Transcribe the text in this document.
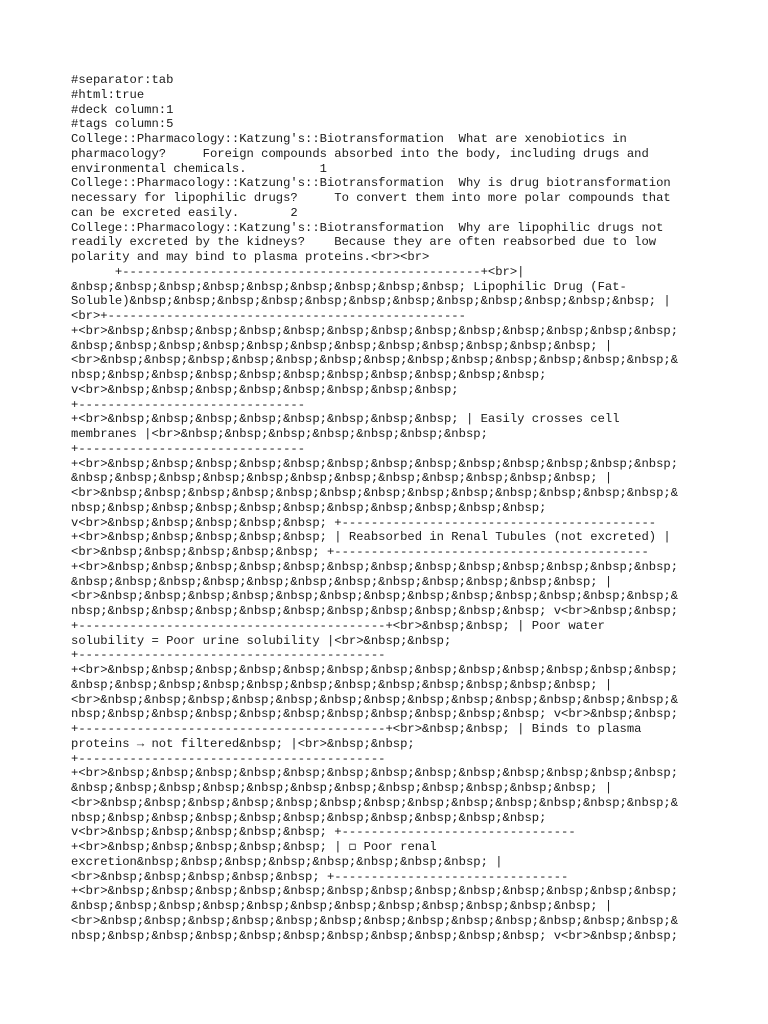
#separator:tab
#html:true
#deck column:1
#tags column:5
College::Pharmacology::Katzung's::Biotransformation  What are xenobiotics in
pharmacology?     Foreign compounds absorbed into the body, including drugs and
environmental chemicals.          1
College::Pharmacology::Katzung's::Biotransformation  Why is drug biotransformation
necessary for lipophilic drugs?     To convert them into more polar compounds that
can be excreted easily.       2
College::Pharmacology::Katzung's::Biotransformation  Why are lipophilic drugs not
readily excreted by the kidneys?    Because they are often reabsorbed due to low
polarity and may bind to plasma proteins.<br><br>
+-------------------------------------------------+<br>|
&nbsp;&nbsp;&nbsp;&nbsp;&nbsp;&nbsp;&nbsp;&nbsp;&nbsp; Lipophilic Drug (Fat-
Soluble)&nbsp;&nbsp;&nbsp;&nbsp;&nbsp;&nbsp;&nbsp;&nbsp;&nbsp;&nbsp;&nbsp;&nbsp; |
<br>+-------------------------------------------------
+<br>&nbsp;&nbsp;&nbsp;&nbsp;&nbsp;&nbsp;&nbsp;&nbsp;&nbsp;&nbsp;&nbsp;&nbsp;&nbsp;
&nbsp;&nbsp;&nbsp;&nbsp;&nbsp;&nbsp;&nbsp;&nbsp;&nbsp;&nbsp;&nbsp;&nbsp; |
<br>&nbsp;&nbsp;&nbsp;&nbsp;&nbsp;&nbsp;&nbsp;&nbsp;&nbsp;&nbsp;&nbsp;&nbsp;&nbsp;&
nbsp;&nbsp;&nbsp;&nbsp;&nbsp;&nbsp;&nbsp;&nbsp;&nbsp;&nbsp;&nbsp;
v<br>&nbsp;&nbsp;&nbsp;&nbsp;&nbsp;&nbsp;&nbsp;&nbsp;
+-------------------------------
+<br>&nbsp;&nbsp;&nbsp;&nbsp;&nbsp;&nbsp;&nbsp;&nbsp; | Easily crosses cell
membranes |<br>&nbsp;&nbsp;&nbsp;&nbsp;&nbsp;&nbsp;&nbsp;
+-------------------------------
+<br>&nbsp;&nbsp;&nbsp;&nbsp;&nbsp;&nbsp;&nbsp;&nbsp;&nbsp;&nbsp;&nbsp;&nbsp;&nbsp;
&nbsp;&nbsp;&nbsp;&nbsp;&nbsp;&nbsp;&nbsp;&nbsp;&nbsp;&nbsp;&nbsp;&nbsp; |
<br>&nbsp;&nbsp;&nbsp;&nbsp;&nbsp;&nbsp;&nbsp;&nbsp;&nbsp;&nbsp;&nbsp;&nbsp;&nbsp;&
nbsp;&nbsp;&nbsp;&nbsp;&nbsp;&nbsp;&nbsp;&nbsp;&nbsp;&nbsp;&nbsp;
v<br>&nbsp;&nbsp;&nbsp;&nbsp;&nbsp; +-------------------------------------------
+<br>&nbsp;&nbsp;&nbsp;&nbsp;&nbsp; | Reabsorbed in Renal Tubules (not excreted) |
<br>&nbsp;&nbsp;&nbsp;&nbsp;&nbsp; +-------------------------------------------
+<br>&nbsp;&nbsp;&nbsp;&nbsp;&nbsp;&nbsp;&nbsp;&nbsp;&nbsp;&nbsp;&nbsp;&nbsp;&nbsp;
&nbsp;&nbsp;&nbsp;&nbsp;&nbsp;&nbsp;&nbsp;&nbsp;&nbsp;&nbsp;&nbsp;&nbsp; |
<br>&nbsp;&nbsp;&nbsp;&nbsp;&nbsp;&nbsp;&nbsp;&nbsp;&nbsp;&nbsp;&nbsp;&nbsp;&nbsp;&
nbsp;&nbsp;&nbsp;&nbsp;&nbsp;&nbsp;&nbsp;&nbsp;&nbsp;&nbsp;&nbsp; v<br>&nbsp;&nbsp;
+------------------------------------------+<br>&nbsp;&nbsp; | Poor water
solubility = Poor urine solubility |<br>&nbsp;&nbsp;
+------------------------------------------
+<br>&nbsp;&nbsp;&nbsp;&nbsp;&nbsp;&nbsp;&nbsp;&nbsp;&nbsp;&nbsp;&nbsp;&nbsp;&nbsp;
&nbsp;&nbsp;&nbsp;&nbsp;&nbsp;&nbsp;&nbsp;&nbsp;&nbsp;&nbsp;&nbsp;&nbsp; |
<br>&nbsp;&nbsp;&nbsp;&nbsp;&nbsp;&nbsp;&nbsp;&nbsp;&nbsp;&nbsp;&nbsp;&nbsp;&nbsp;&
nbsp;&nbsp;&nbsp;&nbsp;&nbsp;&nbsp;&nbsp;&nbsp;&nbsp;&nbsp;&nbsp; v<br>&nbsp;&nbsp;
+------------------------------------------+<br>&nbsp;&nbsp; | Binds to plasma
proteins → not filtered&nbsp; |<br>&nbsp;&nbsp;
+------------------------------------------
+<br>&nbsp;&nbsp;&nbsp;&nbsp;&nbsp;&nbsp;&nbsp;&nbsp;&nbsp;&nbsp;&nbsp;&nbsp;&nbsp;
&nbsp;&nbsp;&nbsp;&nbsp;&nbsp;&nbsp;&nbsp;&nbsp;&nbsp;&nbsp;&nbsp;&nbsp; |
<br>&nbsp;&nbsp;&nbsp;&nbsp;&nbsp;&nbsp;&nbsp;&nbsp;&nbsp;&nbsp;&nbsp;&nbsp;&nbsp;&
nbsp;&nbsp;&nbsp;&nbsp;&nbsp;&nbsp;&nbsp;&nbsp;&nbsp;&nbsp;&nbsp;
v<br>&nbsp;&nbsp;&nbsp;&nbsp;&nbsp; +--------------------------------
+<br>&nbsp;&nbsp;&nbsp;&nbsp;&nbsp; | ◻ Poor renal
excretion&nbsp;&nbsp;&nbsp;&nbsp;&nbsp;&nbsp;&nbsp;&nbsp; |
<br>&nbsp;&nbsp;&nbsp;&nbsp;&nbsp; +--------------------------------
+<br>&nbsp;&nbsp;&nbsp;&nbsp;&nbsp;&nbsp;&nbsp;&nbsp;&nbsp;&nbsp;&nbsp;&nbsp;&nbsp;
&nbsp;&nbsp;&nbsp;&nbsp;&nbsp;&nbsp;&nbsp;&nbsp;&nbsp;&nbsp;&nbsp;&nbsp; |
<br>&nbsp;&nbsp;&nbsp;&nbsp;&nbsp;&nbsp;&nbsp;&nbsp;&nbsp;&nbsp;&nbsp;&nbsp;&nbsp;&
nbsp;&nbsp;&nbsp;&nbsp;&nbsp;&nbsp;&nbsp;&nbsp;&nbsp;&nbsp;&nbsp; v<br>&nbsp;&nbsp;
